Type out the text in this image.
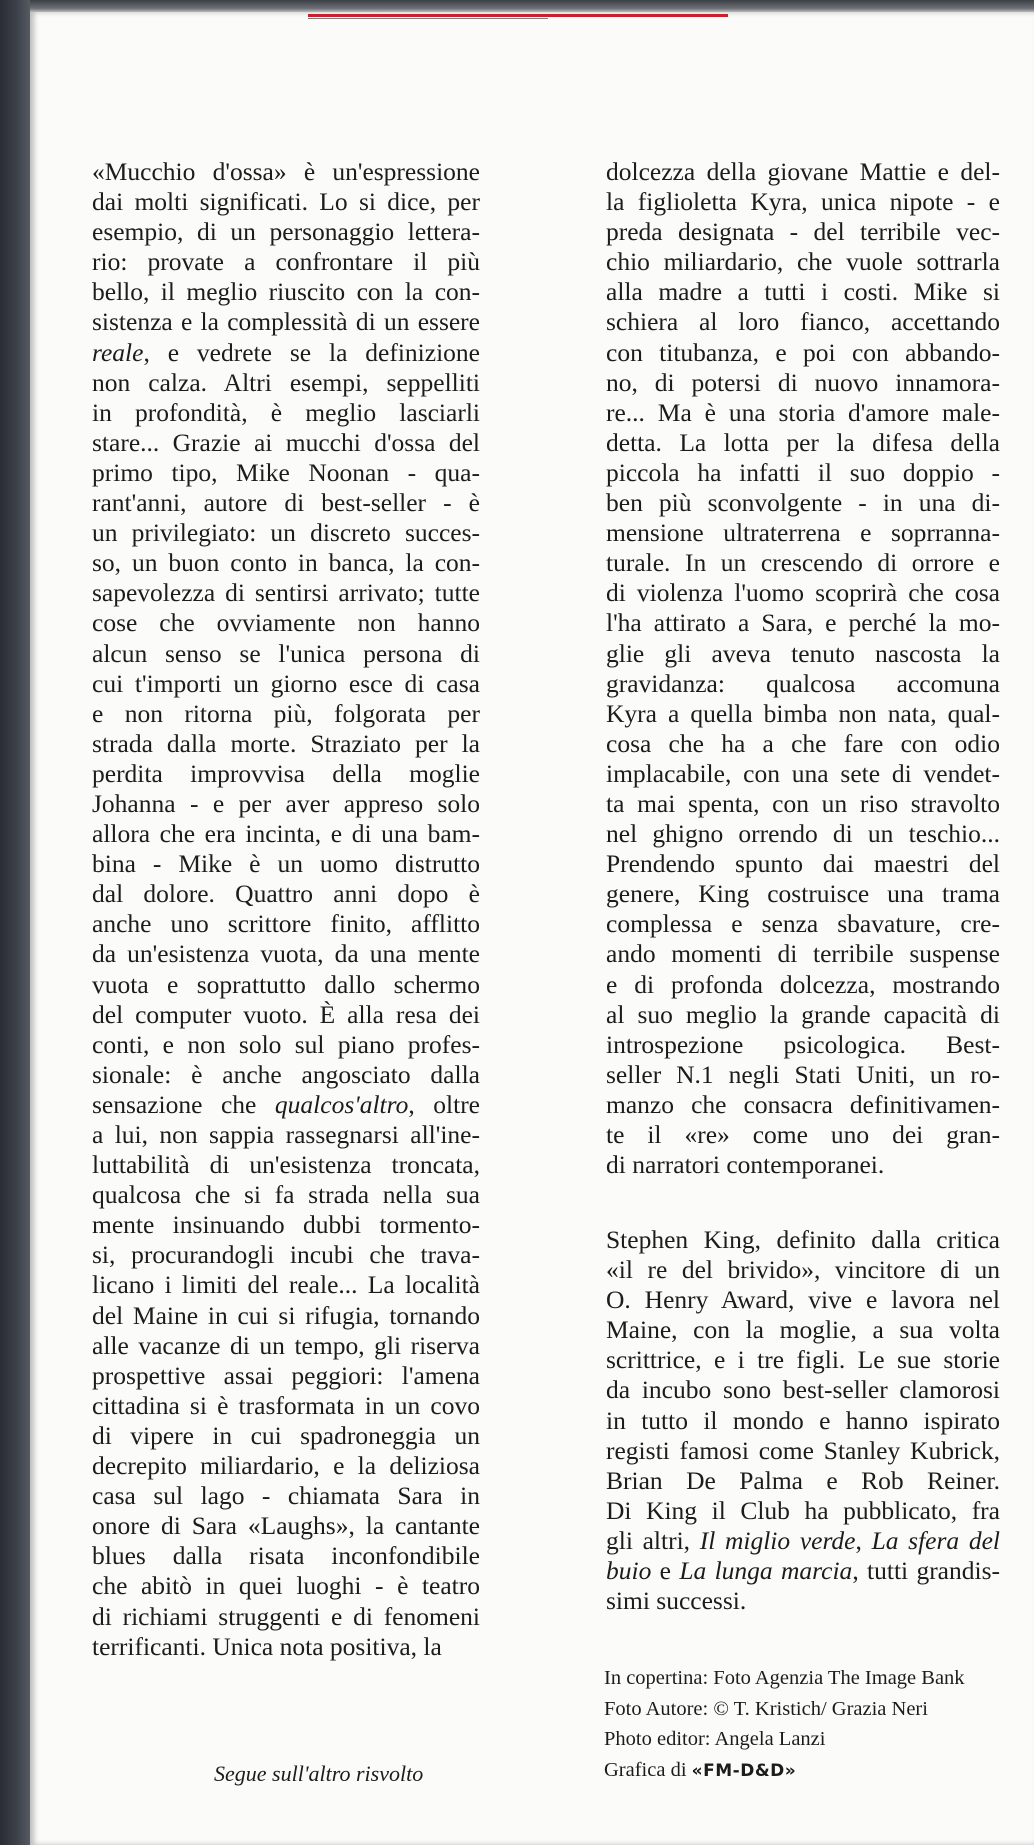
«Mucchio d'ossa» è un'espressione
dai molti significati. Lo si dice, per
esempio, di un personaggio lettera-
rio: provate a confrontare il più
bello, il meglio riuscito con la con-
sistenza e la complessità di un essere
reale, e vedrete se la definizione
non calza. Altri esempi, seppelliti
in profondità, è meglio lasciarli
stare... Grazie ai mucchi d'ossa del
primo tipo, Mike Noonan - qua-
rant'anni, autore di best-seller - è
un privilegiato: un discreto succes-
so, un buon conto in banca, la con-
sapevolezza di sentirsi arrivato; tutte
cose che ovviamente non hanno
alcun senso se l'unica persona di
cui t'importi un giorno esce di casa
e non ritorna più, folgorata per
strada dalla morte. Straziato per la
perdita improvvisa della moglie
Johanna - e per aver appreso solo
allora che era incinta, e di una bam-
bina - Mike è un uomo distrutto
dal dolore. Quattro anni dopo è
anche uno scrittore finito, afflitto
da un'esistenza vuota, da una mente
vuota e soprattutto dallo schermo
del computer vuoto. È alla resa dei
conti, e non solo sul piano profes-
sionale: è anche angosciato dalla
sensazione che qualcos'altro, oltre
a lui, non sappia rassegnarsi all'ine-
luttabilità di un'esistenza troncata,
qualcosa che si fa strada nella sua
mente insinuando dubbi tormento-
si, procurandogli incubi che trava-
licano i limiti del reale... La località
del Maine in cui si rifugia, tornando
alle vacanze di un tempo, gli riserva
prospettive assai peggiori: l'amena
cittadina si è trasformata in un covo
di vipere in cui spadroneggia un
decrepito miliardario, e la deliziosa
casa sul lago - chiamata Sara in
onore di Sara «Laughs», la cantante
blues dalla risata inconfondibile
che abitò in quei luoghi - è teatro
di richiami struggenti e di fenomeni
terrificanti. Unica nota positiva, la
dolcezza della giovane Mattie e del-
la figlioletta Kyra, unica nipote - e
preda designata - del terribile vec-
chio miliardario, che vuole sottrarla
alla madre a tutti i costi. Mike si
schiera al loro fianco, accettando
con titubanza, e poi con abbando-
no, di potersi di nuovo innamora-
re... Ma è una storia d'amore male-
detta. La lotta per la difesa della
piccola ha infatti il suo doppio -
ben più sconvolgente - in una di-
mensione ultraterrena e soprranna-
turale. In un crescendo di orrore e
di violenza l'uomo scoprirà che cosa
l'ha attirato a Sara, e perché la mo-
glie gli aveva tenuto nascosta la
gravidanza: qualcosa accomuna
Kyra a quella bimba non nata, qual-
cosa che ha a che fare con odio
implacabile, con una sete di vendet-
ta mai spenta, con un riso stravolto
nel ghigno orrendo di un teschio...
Prendendo spunto dai maestri del
genere, King costruisce una trama
complessa e senza sbavature, cre-
ando momenti di terribile suspense
e di profonda dolcezza, mostrando
al suo meglio la grande capacità di
introspezione psicologica. Best-
seller N.1 negli Stati Uniti, un ro-
manzo che consacra definitivamen-
te il «re» come uno dei gran-
di narratori contemporanei.
Stephen King, definito dalla critica
«il re del brivido», vincitore di un
O. Henry Award, vive e lavora nel
Maine, con la moglie, a sua volta
scrittrice, e i tre figli. Le sue storie
da incubo sono best-seller clamorosi
in tutto il mondo e hanno ispirato
registi famosi come Stanley Kubrick,
Brian De Palma e Rob Reiner.
Di King il Club ha pubblicato, fra
gli altri, Il miglio verde, La sfera del
buio e La lunga marcia, tutti grandis-
simi successi.
In copertina: Foto Agenzia The Image Bank
Foto Autore: © T. Kristich/ Grazia Neri
Photo editor: Angela Lanzi
Grafica di «FM-D&D»
Segue sull'altro risvolto
